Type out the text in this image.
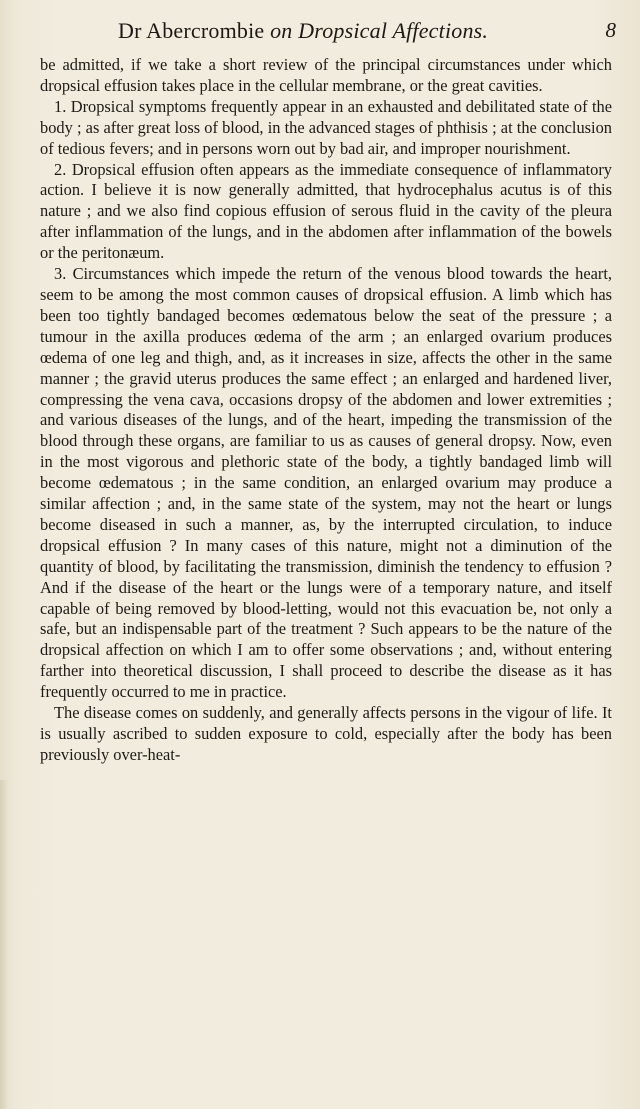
Dr Abercrombie on Dropsical Affections.	8

be admitted, if we take a short review of the principal circumstances under which dropsical effusion takes place in the cellular membrane, or the great cavities.

1. Dropsical symptoms frequently appear in an exhausted and debilitated state of the body ; as after great loss of blood, in the advanced stages of phthisis ; at the conclusion of tedious fevers; and in persons worn out by bad air, and improper nourishment.

2. Dropsical effusion often appears as the immediate consequence of inflammatory action. I believe it is now generally admitted, that hydrocephalus acutus is of this nature ; and we also find copious effusion of serous fluid in the cavity of the pleura after inflammation of the lungs, and in the abdomen after inflammation of the bowels or the peritonæum.

3. Circumstances which impede the return of the venous blood towards the heart, seem to be among the most common causes of dropsical effusion. A limb which has been too tightly bandaged becomes œdematous below the seat of the pressure ; a tumour in the axilla produces œdema of the arm ; an enlarged ovarium produces œdema of one leg and thigh, and, as it increases in size, affects the other in the same manner ; the gravid uterus produces the same effect ; an enlarged and hardened liver, compressing the vena cava, occasions dropsy of the abdomen and lower extremities ; and various diseases of the lungs, and of the heart, impeding the transmission of the blood through these organs, are familiar to us as causes of general dropsy. Now, even in the most vigorous and plethoric state of the body, a tightly bandaged limb will become œdematous ; in the same condition, an enlarged ovarium may produce a similar affection ; and, in the same state of the system, may not the heart or lungs become diseased in such a manner, as, by the interrupted circulation, to induce dropsical effusion ? In many cases of this nature, might not a diminution of the quantity of blood, by facilitating the transmission, diminish the tendency to effusion ? And if the disease of the heart or the lungs were of a temporary nature, and itself capable of being removed by blood-letting, would not this evacuation be, not only a safe, but an indispensable part of the treatment ? Such appears to be the nature of the dropsical affection on which I am to offer some observations ; and, without entering farther into theoretical discussion, I shall proceed to describe the disease as it has frequently occurred to me in practice.

The disease comes on suddenly, and generally affects persons in the vigour of life. It is usually ascribed to sudden exposure to cold, especially after the body has been previously over-heat-
